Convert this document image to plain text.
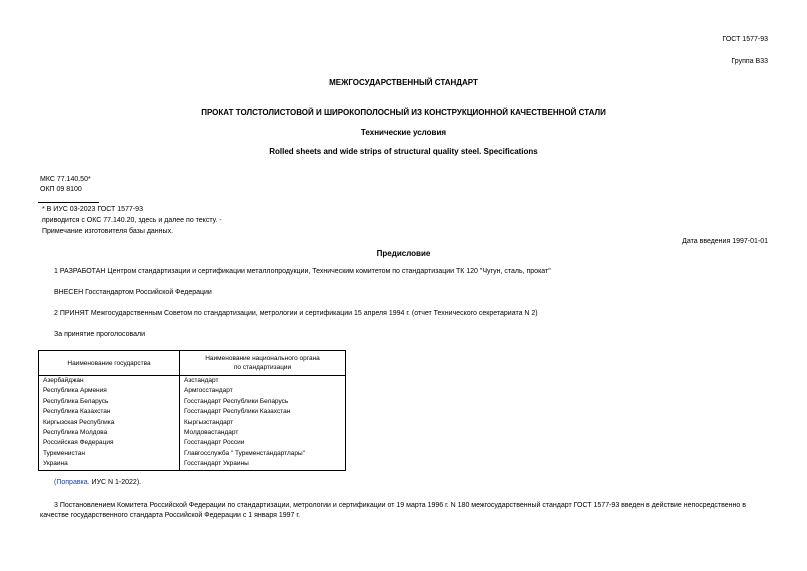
ГОСТ 1577-93
Группа В33
МЕЖГОСУДАРСТВЕННЫЙ СТАНДАРТ
ПРОКАТ ТОЛСТОЛИСТОВОЙ И ШИРОКОПОЛОСНЫЙ ИЗ КОНСТРУКЦИОННОЙ КАЧЕСТВЕННОЙ СТАЛИ
Технические условия
Rolled sheets and wide strips of structural quality steel. Specifications
МКС 77.140.50*
ОКП 09 8100
* В ИУС 03-2023 ГОСТ 1577-93
приводится с ОКС 77.140.20, здесь и далее по тексту. -
Примечание изготовителя базы данных.
Дата введения 1997-01-01
Предисловие
1 РАЗРАБОТАН Центром стандартизации и сертификации металлопродукции, Техническим комитетом по стандартизации ТК 120 "Чугун, сталь, прокат"
ВНЕСЕН Госстандартом Российской Федерации
2 ПРИНЯТ Межгосударственным Советом по стандартизации, метрологии и сертификации 15 апреля 1994 г. (отчет Технического секретариата N 2)
За принятие проголосовали
Наименование государства	Наименование национального органа
по стандартизации
Азербайджан	Азстандарт
Республика Армения	Армгосстандарт
Республика Беларусь	Госстандарт Республики Беларусь
Республика Казахстан	Госстандарт Республики Казахстан
Киргызская Республика	Кыргызстандарт
Республика Молдова	Молдовастандарт
Российская Федерация	Госстандарт России
Туркменистан	Главгосслужба " Туркменстандартлары"
Украина	Госстандарт Украины
(Поправка. ИУС N 1-2022).
3 Постановлением Комитета Российской Федерации по стандартизации, метрологии и сертификации от 19 марта 1996 г. N 180 межгосударственный стандарт ГОСТ 1577-93 введен в действие непосредственно в
качестве государственного стандарта Российской Федерации с 1 января 1997 г.
